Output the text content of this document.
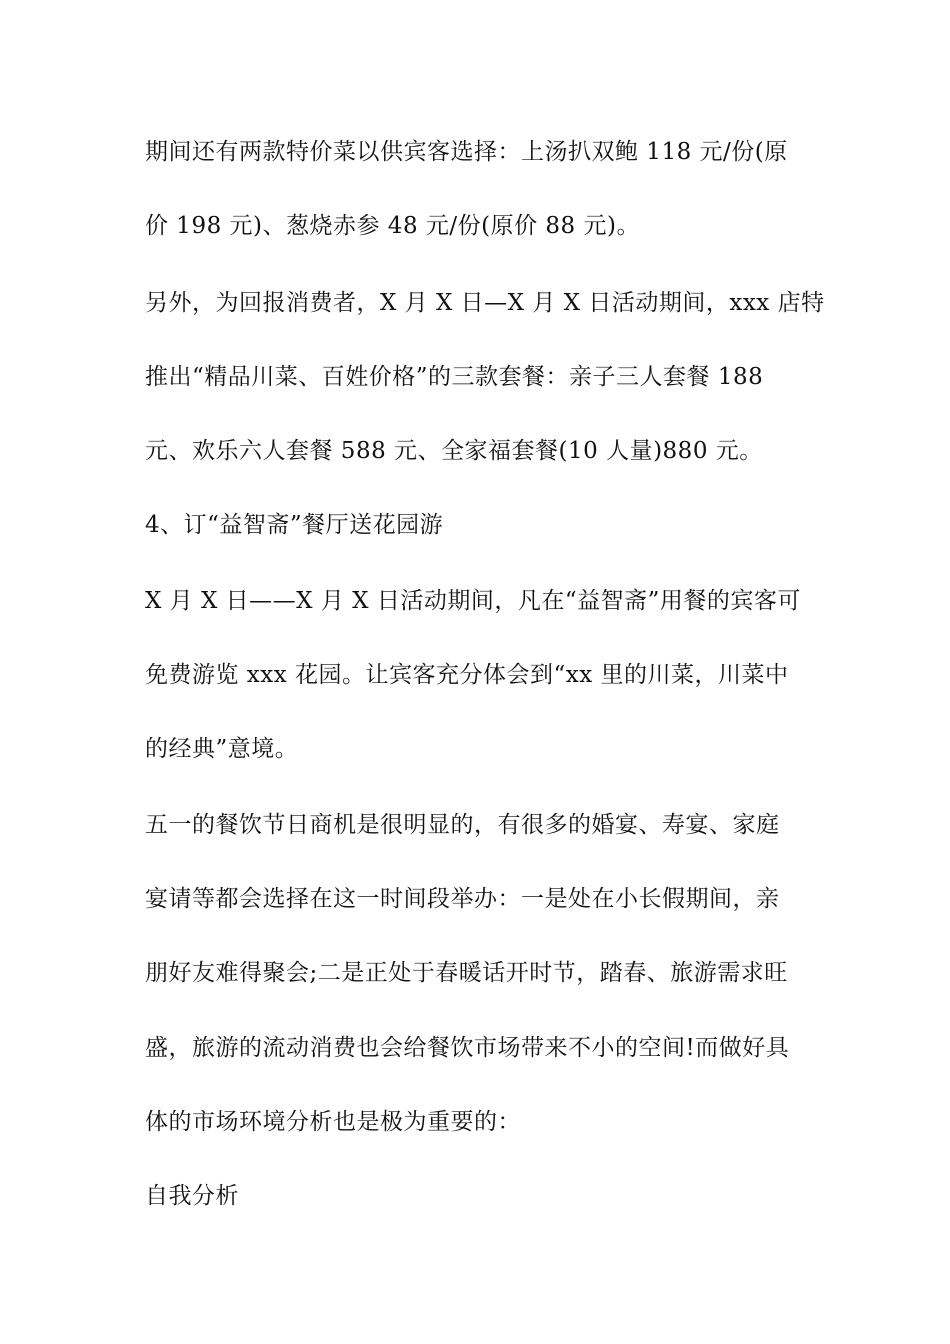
期间还有两款特价菜以供宾客选择：上汤扒双鲍 118 元/份(原
价 198 元)、葱烧赤参 48 元/份(原价 88 元)。
另外，为回报消费者，X 月 X 日—X 月 X 日活动期间，xxx 店特
推出“精品川菜、百姓价格”的三款套餐：亲子三人套餐 188
元、欢乐六人套餐 588 元、全家福套餐(10 人量)880 元。
4、订“益智斋”餐厅送花园游
X 月 X 日——X 月 X 日活动期间，凡在“益智斋”用餐的宾客可
免费游览 xxx 花园。让宾客充分体会到“xx 里的川菜，川菜中
的经典”意境。
五一的餐饮节日商机是很明显的，有很多的婚宴、寿宴、家庭
宴请等都会选择在这一时间段举办：一是处在小长假期间，亲
朋好友难得聚会;二是正处于春暖话开时节，踏春、旅游需求旺
盛，旅游的流动消费也会给餐饮市场带来不小的空间!而做好具
体的市场环境分析也是极为重要的：
自我分析
